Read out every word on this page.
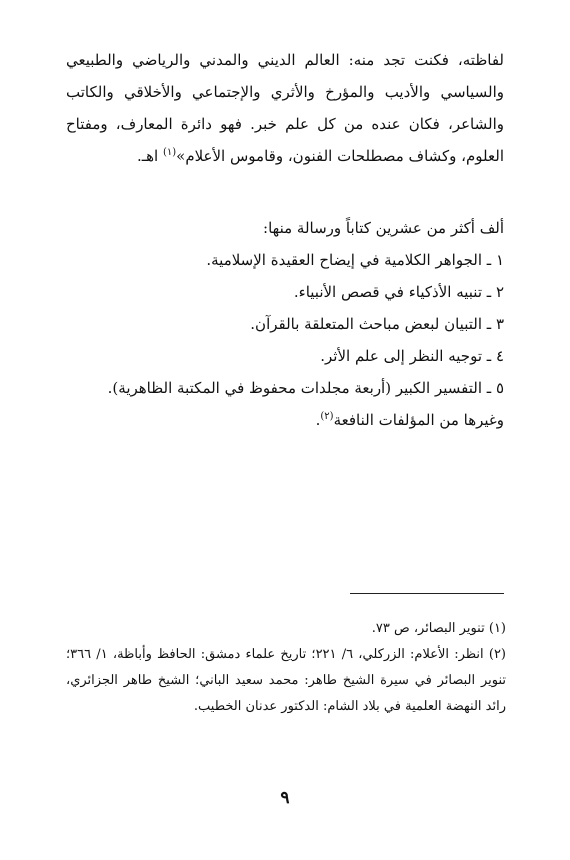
لفاظته، فكنت تجد منه: العالم الديني والمدني والرياضي والطبيعي والسياسي والأديب والمؤرخ والأثري والإجتماعي والأخلاقي والكاتب والشاعر، فكان عنده من كل علم خبر. فهو دائرة المعارف، ومفتاح العلوم، وكشاف مصطلحات الفنون، وقاموس الأعلام»$^{(١)}$ اهـ.

ألف أكثر من عشرين كتاباً ورسالة منها:

١ ـ الجواهر الكلامية في إيضاح العقيدة الإسلامية.

٢ ـ تنبيه الأذكياء في قصص الأنبياء.

٣ ـ التبيان لبعض مباحث المتعلقة بالقرآن.

٤ ـ توجيه النظر إلى علم الأثر.

٥ ـ التفسير الكبير (أربعة مجلدات محفوظ في المكتبة الظاهرية).

وغيرها من المؤلفات النافعة$^{(٢)}$.

(١) تنوير البصائر، ص ٧٣.

(٢) انظر: الأعلام: الزركلي، ٦/ ٢٢١؛ تاريخ علماء دمشق: الحافظ وأباظة، ١/ ٣٦٦؛ تنوير البصائر في سيرة الشيخ طاهر: محمد سعيد الباني؛ الشيخ طاهر الجزائري، رائد النهضة العلمية في بلاد الشام: الدكتور عدنان الخطيب.

٩
